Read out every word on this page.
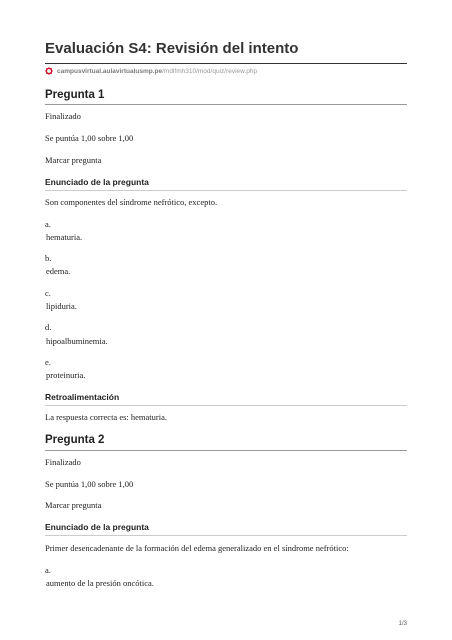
Evaluación S4: Revisión del intento
campusvirtual.aulavirtualusmp.pe/mdlfmh310/mod/quiz/review.php
Pregunta 1
Finalizado
Se puntúa 1,00 sobre 1,00
Marcar pregunta
Enunciado de la pregunta
Son componentes del síndrome nefrótico, excepto.
a.
hematuria.
b.
edema.
c.
lipiduria.
d.
hipoalbuminemia.
e.
proteinuria.
Retroalimentación
La respuesta correcta es: hematuria.
Pregunta 2
Finalizado
Se puntúa 1,00 sobre 1,00
Marcar pregunta
Enunciado de la pregunta
Primer desencadenante de la formación del edema generalizado en el síndrome nefrótico:
a.
aumento de la presión oncótica.
1/3
